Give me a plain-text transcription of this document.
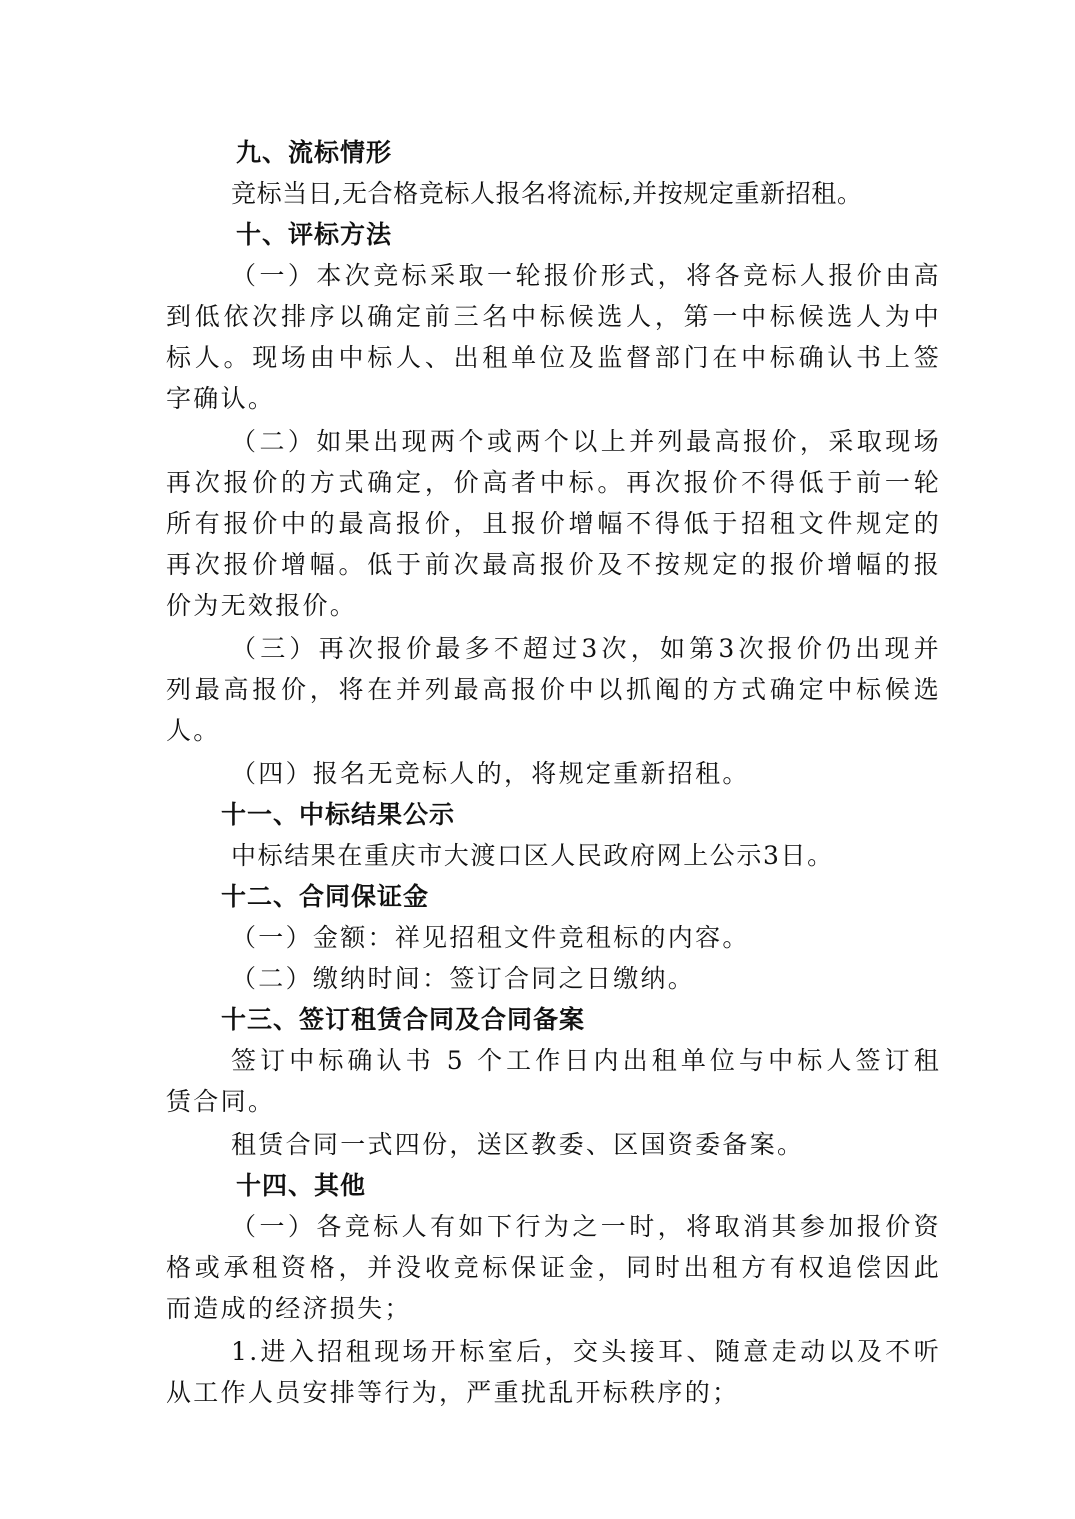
九、流标情形
竞标当日,无合格竞标人报名将流标,并按规定重新招租。
十、评标方法
（一）本次竞标采取一轮报价形式，将各竞标人报价由高
到低依次排序以确定前三名中标候选人，第一中标候选人为中
标人。现场由中标人、出租单位及监督部门在中标确认书上签
字确认。
（二）如果出现两个或两个以上并列最高报价，采取现场
再次报价的方式确定，价高者中标。再次报价不得低于前一轮
所有报价中的最高报价，且报价增幅不得低于招租文件规定的
再次报价增幅。低于前次最高报价及不按规定的报价增幅的报
价为无效报价。
（三）再次报价最多不超过3次，如第3次报价仍出现并
列最高报价，将在并列最高报价中以抓阄的方式确定中标候选
人。
（四）报名无竞标人的，将规定重新招租。
十一、中标结果公示
中标结果在重庆市大渡口区人民政府网上公示3日。
十二、合同保证金
（一）金额：祥见招租文件竞租标的内容。
（二）缴纳时间：签订合同之日缴纳。
十三、签订租赁合同及合同备案
签订中标确认书 5 个工作日内出租单位与中标人签订租
赁合同。
租赁合同一式四份，送区教委、区国资委备案。
十四、其他
（一）各竞标人有如下行为之一时，将取消其参加报价资
格或承租资格，并没收竞标保证金，同时出租方有权追偿因此
而造成的经济损失；
1.进入招租现场开标室后，交头接耳、随意走动以及不听
从工作人员安排等行为，严重扰乱开标秩序的；
